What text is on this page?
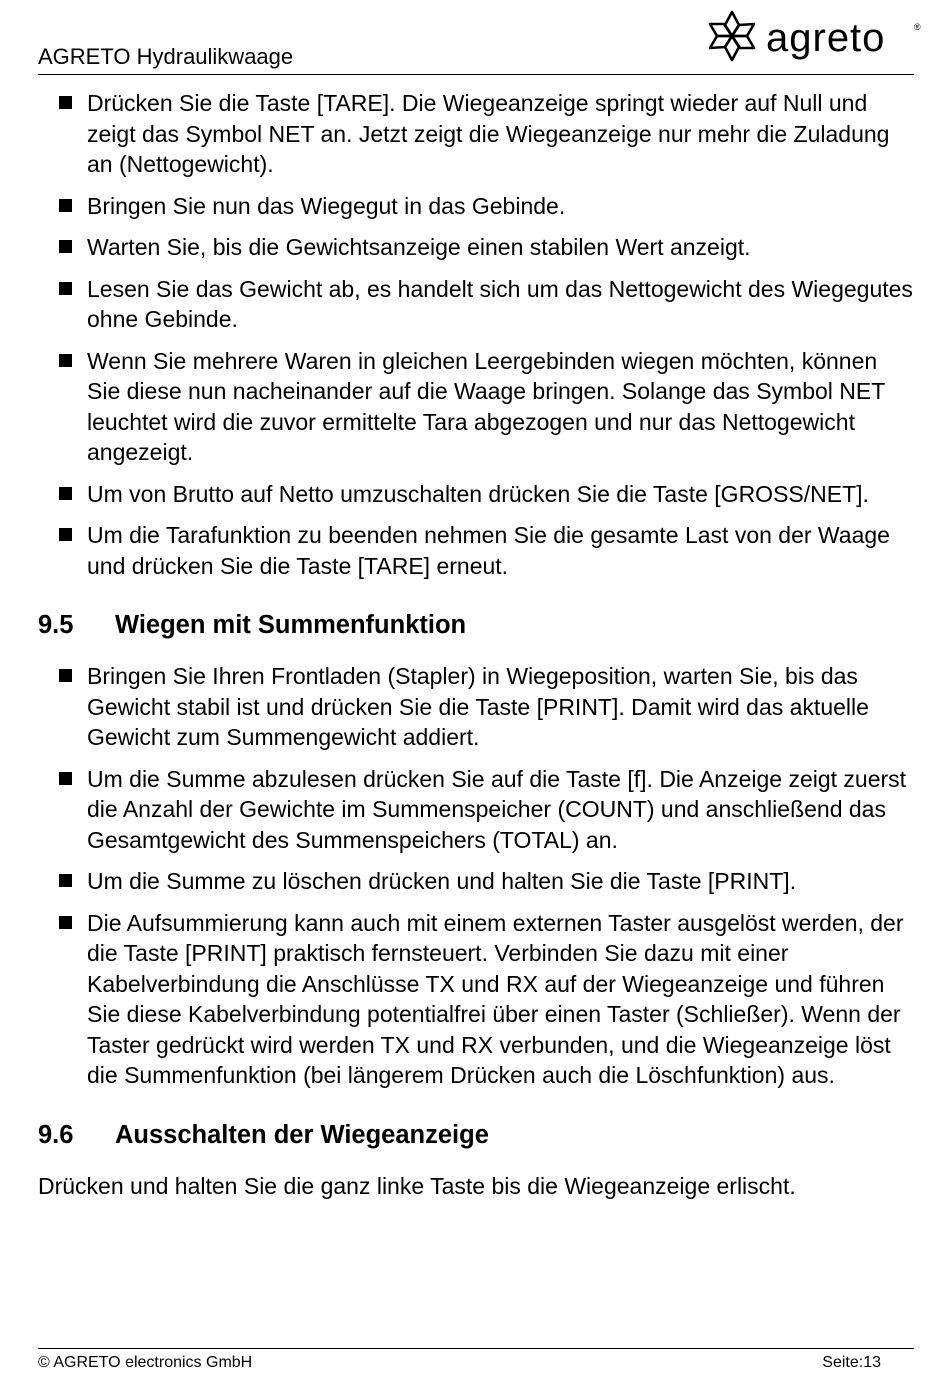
AGRETO Hydraulikwaage	agreto	®
Drücken Sie die Taste [TARE]. Die Wiegeanzeige springt wieder auf Null und zeigt das Symbol NET an. Jetzt zeigt die Wiegeanzeige nur mehr die Zuladung an (Nettogewicht).
Bringen Sie nun das Wiegegut in das Gebinde.
Warten Sie, bis die Gewichtsanzeige einen stabilen Wert anzeigt.
Lesen Sie das Gewicht ab, es handelt sich um das Nettogewicht des Wiegegutes ohne Gebinde.
Wenn Sie mehrere Waren in gleichen Leergebinden wiegen möchten, können Sie diese nun nacheinander auf die Waage bringen. Solange das Symbol NET leuchtet wird die zuvor ermittelte Tara abgezogen und nur das Nettogewicht angezeigt.
Um von Brutto auf Netto umzuschalten drücken Sie die Taste [GROSS/NET].
Um die Tarafunktion zu beenden nehmen Sie die gesamte Last von der Waage und drücken Sie die Taste [TARE] erneut.
9.5	Wiegen mit Summenfunktion
Bringen Sie Ihren Frontladen (Stapler) in Wiegeposition, warten Sie, bis das Gewicht stabil ist und drücken Sie die Taste [PRINT]. Damit wird das aktuelle Gewicht zum Summengewicht addiert.
Um die Summe abzulesen drücken Sie auf die Taste [f]. Die Anzeige zeigt zuerst die Anzahl der Gewichte im Summenspeicher (COUNT) und anschließend das Gesamtgewicht des Summenspeichers (TOTAL) an.
Um die Summe zu löschen drücken und halten Sie die Taste [PRINT].
Die Aufsummierung kann auch mit einem externen Taster ausgelöst werden, der die Taste [PRINT] praktisch fernsteuert. Verbinden Sie dazu mit einer Kabelverbindung die Anschlüsse TX und RX auf der Wiegeanzeige und führen Sie diese Kabelverbindung potentialfrei über einen Taster (Schließer). Wenn der Taster gedrückt wird werden TX und RX verbunden, und die Wiegeanzeige löst die Summenfunktion (bei längerem Drücken auch die Löschfunktion) aus.
9.6	Ausschalten der Wiegeanzeige

Drücken und halten Sie die ganz linke Taste bis die Wiegeanzeige erlischt.

© AGRETO electronics GmbH	Seite:13
